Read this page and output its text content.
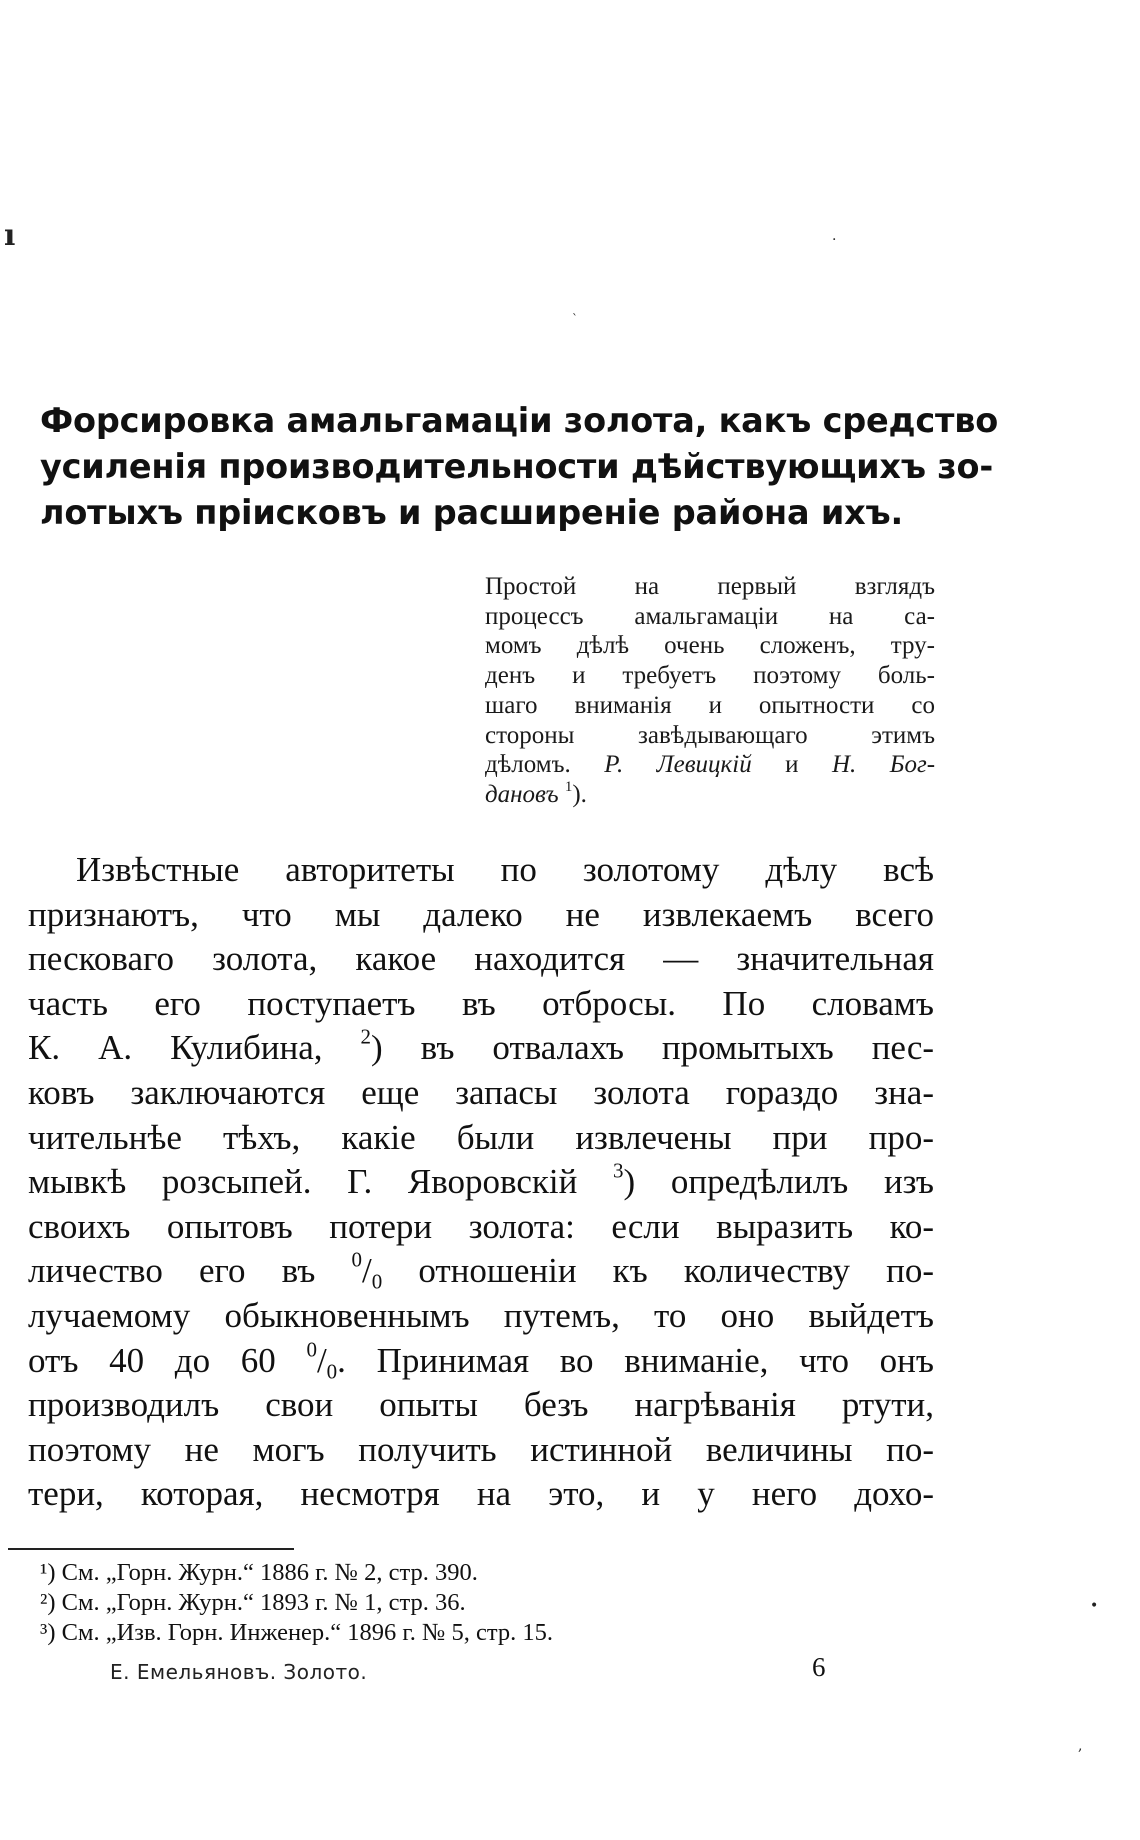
ı	·
`
•
,
Форсировка амальгамаціи золота, какъ средство
усиленія производительности дѣйствующихъ зо-
лотыхъ пріисковъ и расширеніе района ихъ.
Простой на первый взглядъ
процессъ амальгамаціи на са-
момъ дѣлѣ очень сложенъ, тру-
денъ и требуетъ поэтому боль-
шаго вниманія и опытности со
стороны завѣдывающаго этимъ
дѣломъ. Р. Левицкій и Н. Бог-
дановъ $^1$).
Извѣстные авторитеты по золотому дѣлу всѣ
признаютъ, что мы далеко не извлекаемъ всего
песковаго золота, какое находится — значительная
часть его поступаетъ въ отбросы. По словамъ
К. А. Кулибина, $^2$) въ отвалахъ промытыхъ пес-
ковъ заключаются еще запасы золота гораздо зна-
чительнѣе тѣхъ, какіе были извлечены при про-
мывкѣ розсыпей. Г. Яворовскій $^3$) опредѣлилъ изъ
своихъ опытовъ потери золота: если выразить ко-
личество его въ $^0/_0$ отношеніи къ количеству по-
лучаемому обыкновеннымъ путемъ, то оно выйдетъ
отъ 40 до 60 $^0/_0$. Принимая во вниманіе, что онъ
производилъ свои опыты безъ нагрѣванія ртути,
поэтому не могъ получить истинной величины по-
тери, которая, несмотря на это, и у него дохо-
¹) См. „Горн. Журн.“ 1886 г. № 2, стр. 390.
²) См. „Горн. Журн.“ 1893 г. № 1, стр. 36.
³) См. „Изв. Горн. Инженер.“ 1896 г. № 5, стр. 15.
Е. Емельяновъ. Золото.	6
